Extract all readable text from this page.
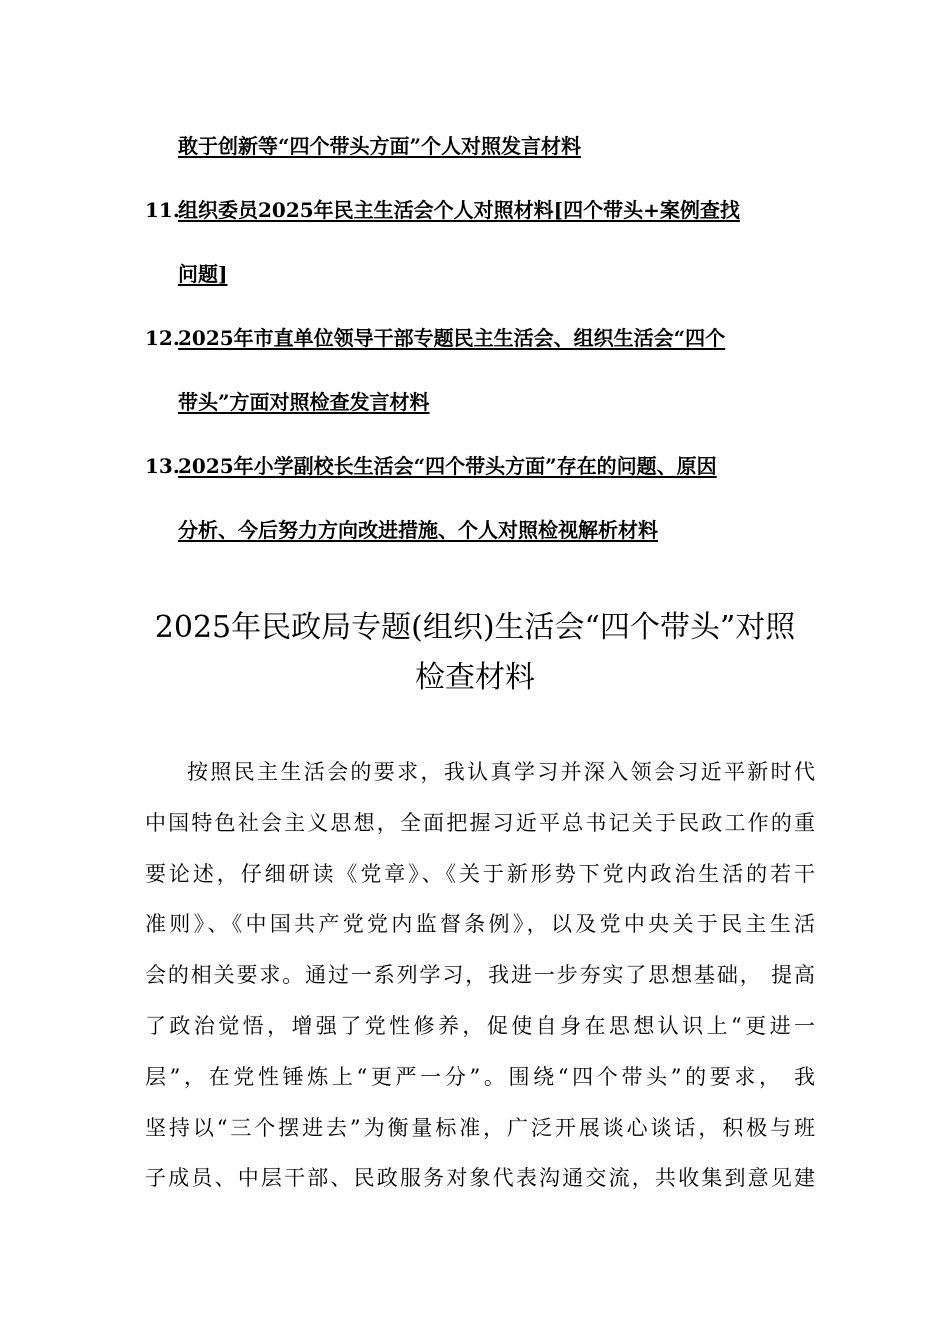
敢于创新等“四个带头方面”个人对照发言材料
11.
组织委员2025年民主生活会个人对照材料[四个带头+案例查找
问题]
12.
2025年市直单位领导干部专题民主生活会、组织生活会“四个
带头”方面对照检查发言材料
13.
2025年小学副校长生活会“四个带头方面”存在的问题、原因
分析、今后努力方向改进措施、个人对照检视解析材料
2025年民政局专题(组织)生活会“四个带头”对照
检查材料
按照民主生活会的要求，我认真学习并深入领会习近平新时代
中国特色社会主义思想，全面把握习近平总书记关于民政工作的重
要论述，仔细研读《党章》、《关于新形势下党内政治生活的若干
准则》、《中国共产党党内监督条例》，以及党中央关于民主生活
会的相关要求。通过一系列学习，我进一步夯实了思想基础， 提高
了政治觉悟，增强了党性修养，促使自身在思想认识上“更进一
层”，在党性锤炼上“更严一分”。围绕“四个带头”的要求， 我
坚持以“三个摆进去”为衡量标准，广泛开展谈心谈话，积极与班
子成员、中层干部、民政服务对象代表沟通交流，共收集到意见建
